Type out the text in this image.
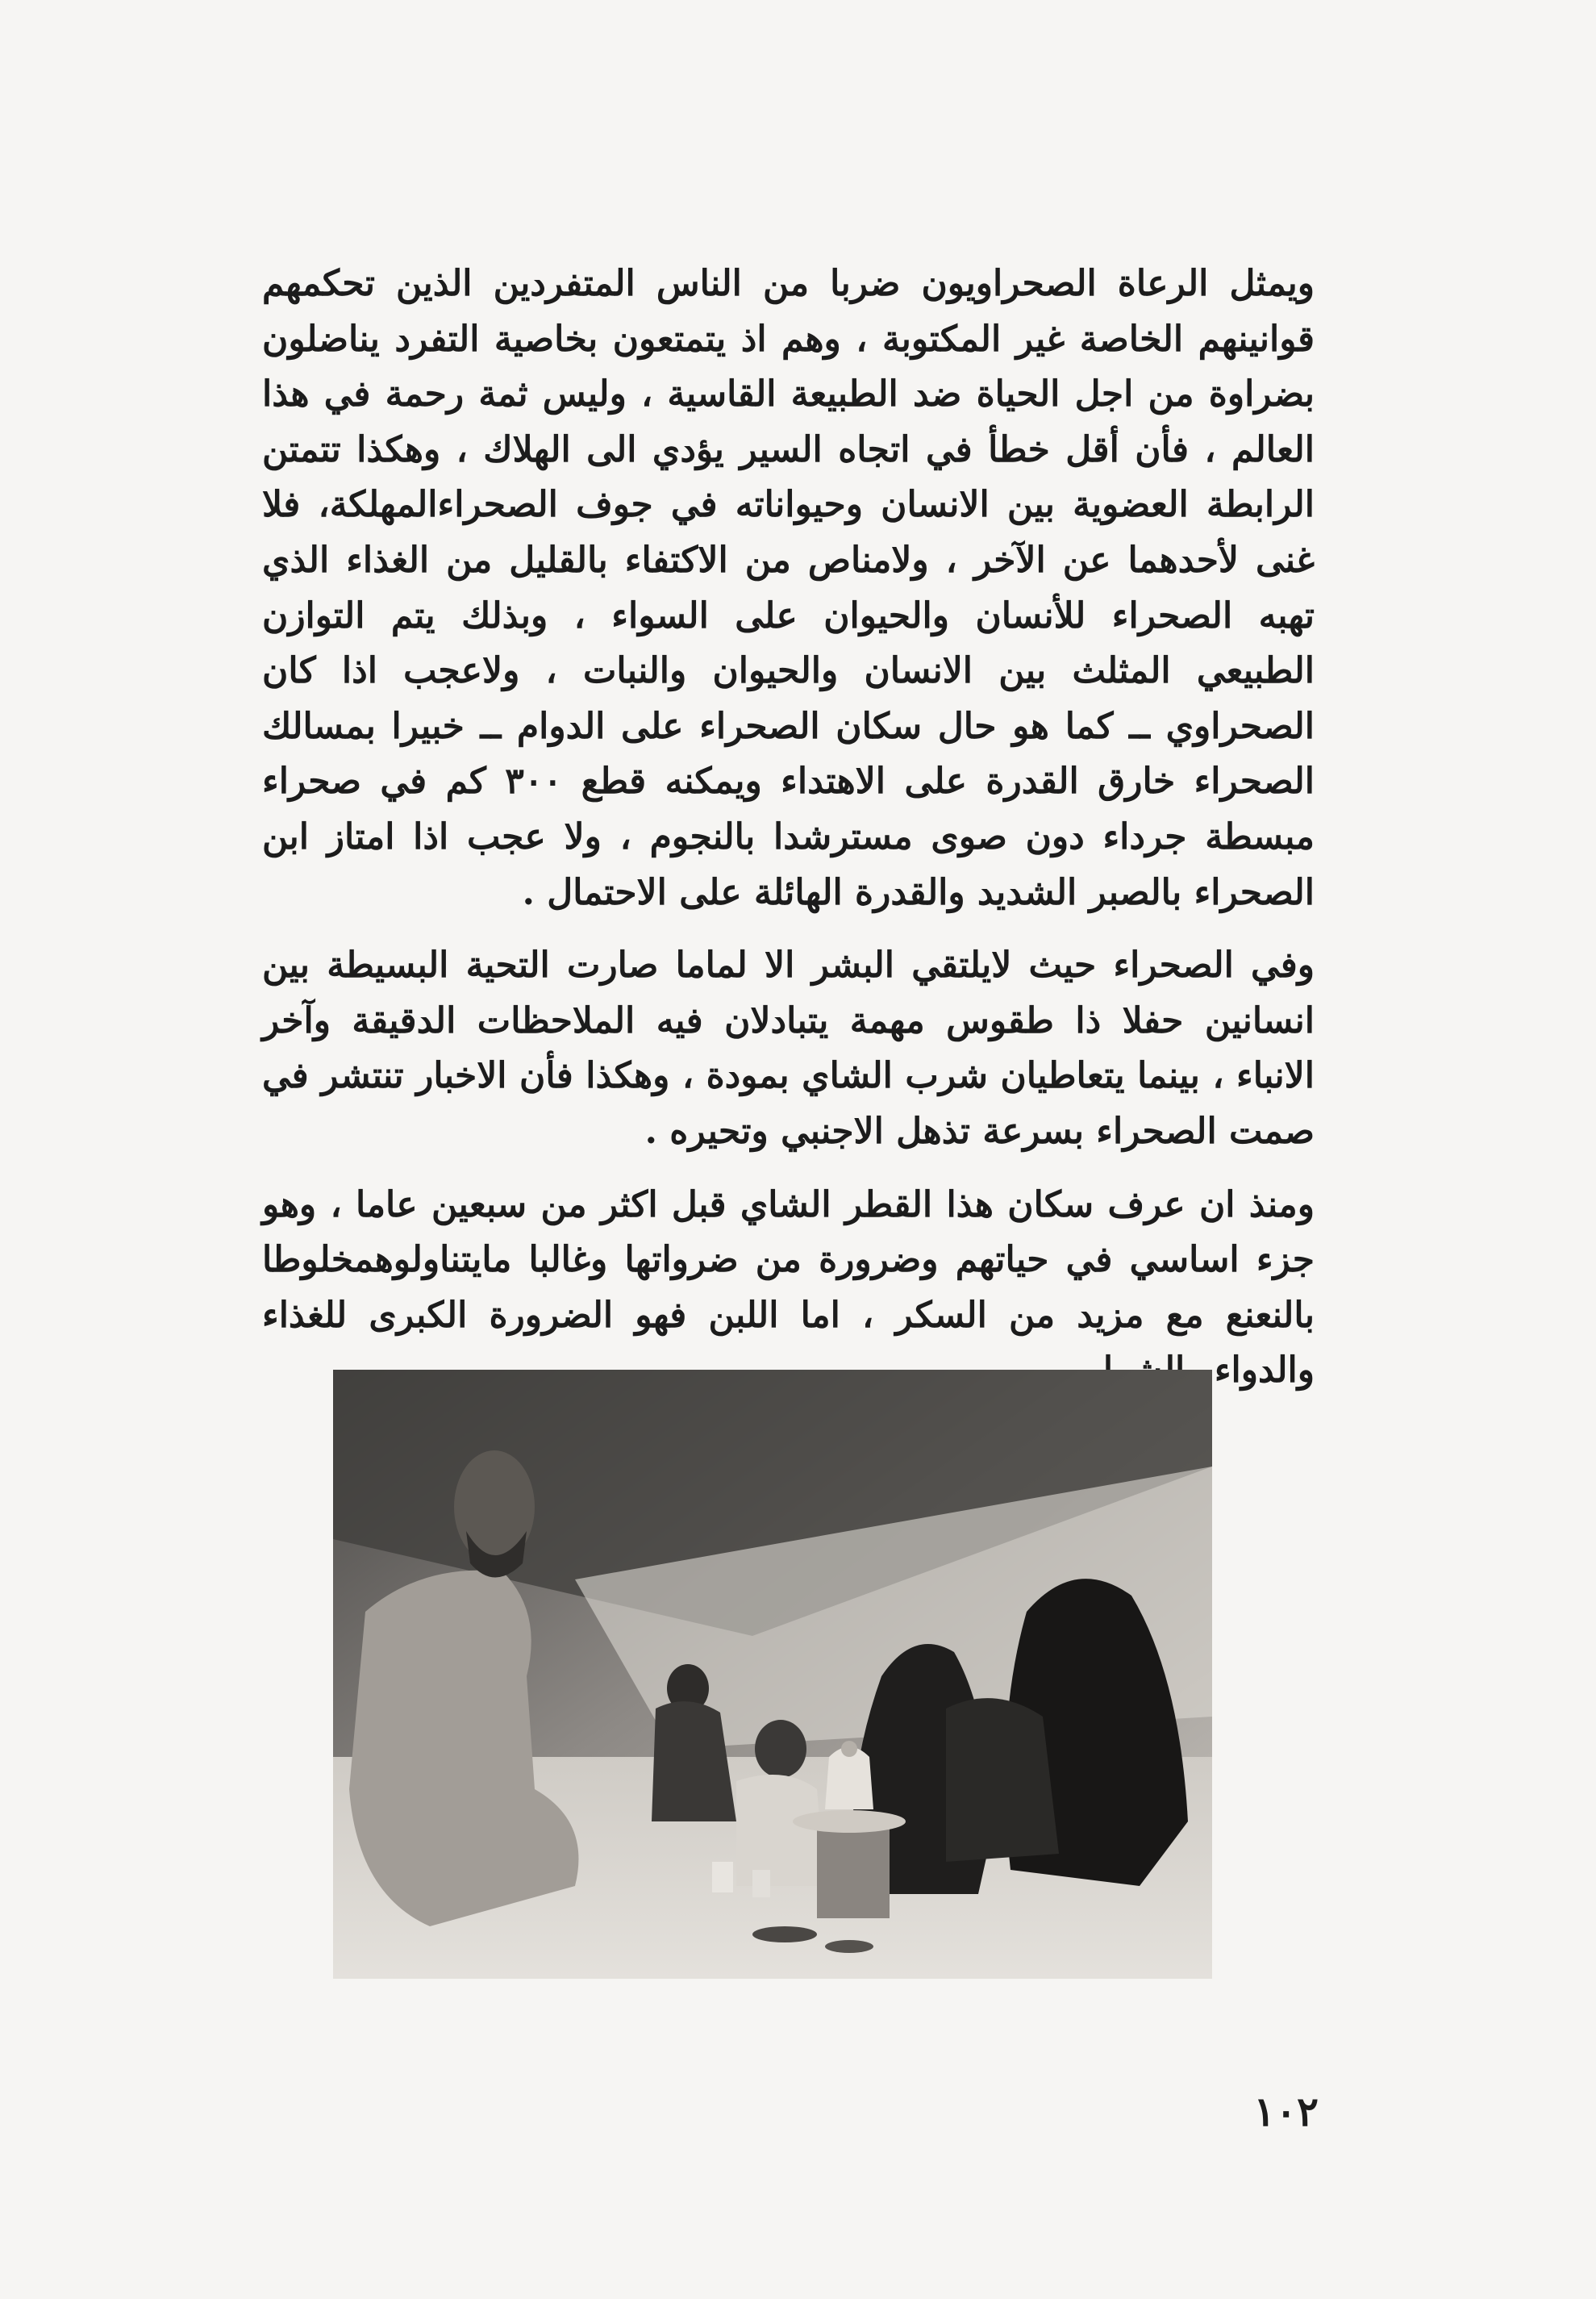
ويمثل الرعاة الصحراويون ضربا من الناس المتفردين الذين تحكمهم قوانينهم الخاصة غير المكتوبة ، وهم اذ يتمتعون بخاصية التفرد يناضلون بضراوة من اجل الحياة ضد الطبيعة القاسية ، وليس ثمة رحمة في هذا العالم ، فأن أقل خطأ في اتجاه السير يؤدي الى الهلاك ، وهكذا تتمتن الرابطة العضوية بين الانسان وحيواناته في جوف الصحراءالمهلكة، فلا غنى لأحدهما عن الآخر ، ولامناص من الاكتفاء بالقليل من الغذاء الذي تهبه الصحراء للأنسان والحيوان على السواء ، وبذلك يتم التوازن الطبيعي المثلث بين الانسان والحيوان والنبات ، ولاعجب اذا كان الصحراوي ــ كما هو حال سكان الصحراء على الدوام ــ خبيرا بمسالك الصحراء خارق القدرة على الاهتداء ويمكنه قطع ٣٠٠ كم في صحراء مبسطة جرداء دون صوى مسترشدا بالنجوم ، ولا عجب اذا امتاز ابن الصحراء بالصبر الشديد والقدرة الهائلة على الاحتمال .

وفي الصحراء حيث لايلتقي البشر الا لماما صارت التحية البسيطة بين انسانين حفلا ذا طقوس مهمة يتبادلان فيه الملاحظات الدقيقة وآخر الانباء ، بينما يتعاطيان شرب الشاي بمودة ، وهكذا فأن الاخبار تنتشر في صمت الصحراء بسرعة تذهل الاجنبي وتحيره .

ومنذ ان عرف سكان هذا القطر الشاي قبل اكثر من سبعين عاما ، وهو جزء اساسي في حياتهم وضرورة من ضرواتها وغالبا مايتناولوهمخلوطا بالنعنع مع مزيد من السكر ، اما اللبن فهو الضرورة الكبرى للغذاء والدواء

١٠٢
